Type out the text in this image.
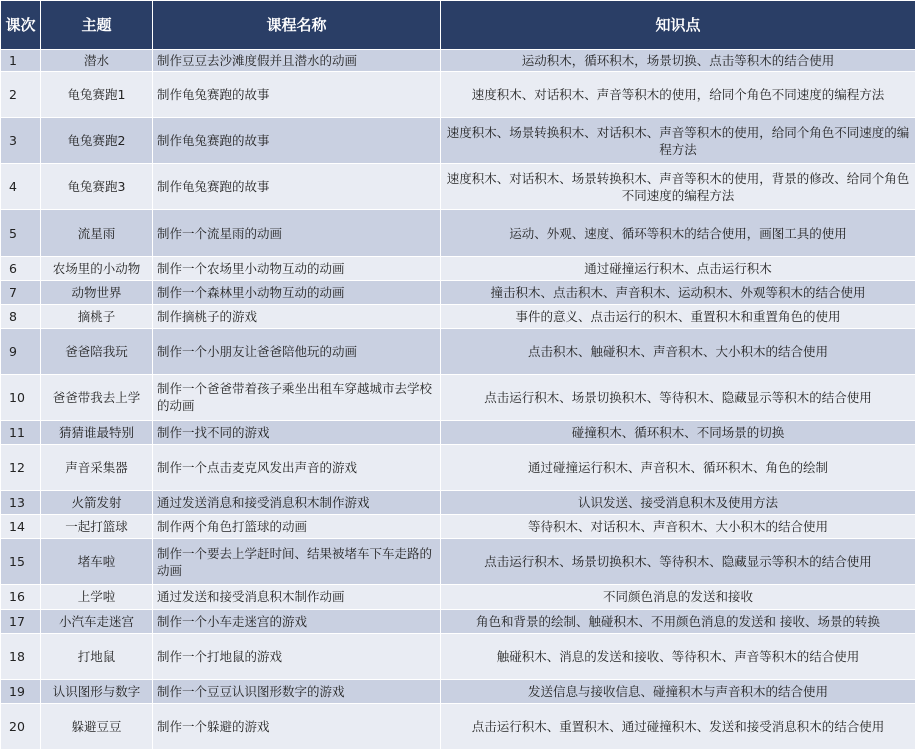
课次	主题	课程名称	知识点
1	潜水	制作豆豆去沙滩度假并且潜水的动画	运动积木，循环积木，场景切换、点击等积木的结合使用
2	龟兔赛跑1	制作龟兔赛跑的故事	速度积木、对话积木、声音等积木的使用，给同个角色不同速度的编程方法
3	龟兔赛跑2	制作龟兔赛跑的故事	速度积木、场景转换积木、对话积木、声音等积木的使用，给同个角色不同速度的编程方法
4	龟兔赛跑3	制作龟兔赛跑的故事	速度积木、对话积木、场景转换积木、声音等积木的使用，背景的修改、给同个角色不同速度的编程方法
5	流星雨	制作一个流星雨的动画	运动、外观、速度、循环等积木的结合使用，画图工具的使用
6	农场里的小动物	制作一个农场里小动物互动的动画	通过碰撞运行积木、点击运行积木
7	动物世界	制作一个森林里小动物互动的动画	撞击积木、点击积木、声音积木、运动积木、外观等积木的结合使用
8	摘桃子	制作摘桃子的游戏	事件的意义、点击运行的积木、重置积木和重置角色的使用
9	爸爸陪我玩	制作一个小朋友让爸爸陪他玩的动画	点击积木、触碰积木、声音积木、大小积木的结合使用
10	爸爸带我去上学	制作一个爸爸带着孩子乘坐出租车穿越城市去学校的动画	点击运行积木、场景切换积木、等待积木、隐藏显示等积木的结合使用
11	猜猜谁最特别	制作一找不同的游戏	碰撞积木、循环积木、不同场景的切换
12	声音采集器	制作一个点击麦克风发出声音的游戏	通过碰撞运行积木、声音积木、循环积木、角色的绘制
13	火箭发射	通过发送消息和接受消息积木制作游戏	认识发送、接受消息积木及使用方法
14	一起打篮球	制作两个角色打篮球的动画	等待积木、对话积木、声音积木、大小积木的结合使用
15	堵车啦	制作一个要去上学赶时间、结果被堵车下车走路的动画	点击运行积木、场景切换积木、等待积木、隐藏显示等积木的结合使用
16	上学啦	通过发送和接受消息积木制作动画	不同颜色消息的发送和接收
17	小汽车走迷宫	制作一个小车走迷宫的游戏	角色和背景的绘制、触碰积木、不用颜色消息的发送和 接收、场景的转换
18	打地鼠	制作一个打地鼠的游戏	触碰积木、消息的发送和接收、等待积木、声音等积木的结合使用
19	认识图形与数字	制作一个豆豆认识图形数字的游戏	发送信息与接收信息、碰撞积木与声音积木的结合使用
20	躲避豆豆	制作一个躲避的游戏	点击运行积木、重置积木、通过碰撞积木、发送和接受消息积木的结合使用
